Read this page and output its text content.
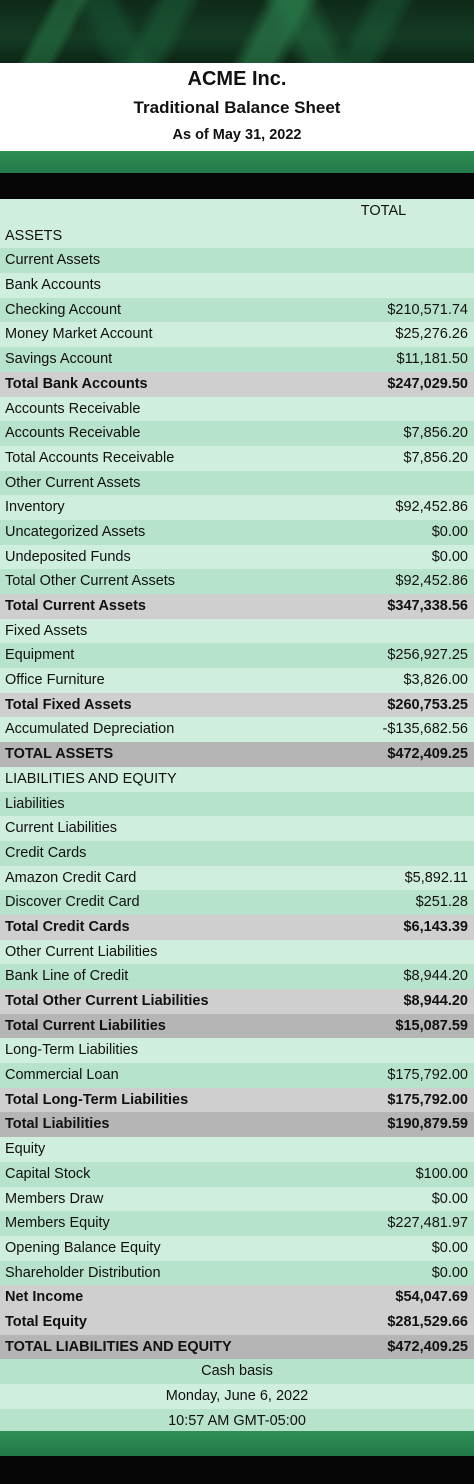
ACME Inc.
Traditional Balance Sheet
As of May 31, 2022
TOTAL
ASSETS
Current Assets
Bank Accounts
Checking Account	$210,571.74
Money Market Account	$25,276.26
Savings Account	$11,181.50
Total Bank Accounts	$247,029.50
Accounts Receivable
Accounts Receivable	$7,856.20
Total Accounts Receivable	$7,856.20
Other Current Assets
Inventory	$92,452.86
Uncategorized Assets	$0.00
Undeposited Funds	$0.00
Total Other Current Assets	$92,452.86
Total Current Assets	$347,338.56
Fixed Assets
Equipment	$256,927.25
Office Furniture	$3,826.00
Total Fixed Assets	$260,753.25
Accumulated Depreciation	-$135,682.56
TOTAL ASSETS	$472,409.25
LIABILITIES AND EQUITY
Liabilities
Current Liabilities
Credit Cards
Amazon Credit Card	$5,892.11
Discover Credit Card	$251.28
Total Credit Cards	$6,143.39
Other Current Liabilities
Bank Line of Credit	$8,944.20
Total Other Current Liabilities	$8,944.20
Total Current Liabilities	$15,087.59
Long-Term Liabilities
Commercial Loan	$175,792.00
Total Long-Term Liabilities	$175,792.00
Total Liabilities	$190,879.59
Equity
Capital Stock	$100.00
Members Draw	$0.00
Members Equity	$227,481.97
Opening Balance Equity	$0.00
Shareholder Distribution	$0.00
Net Income	$54,047.69
Total Equity	$281,529.66
TOTAL LIABILITIES AND EQUITY	$472,409.25
Cash basis
Monday, June 6, 2022
10:57 AM GMT-05:00
